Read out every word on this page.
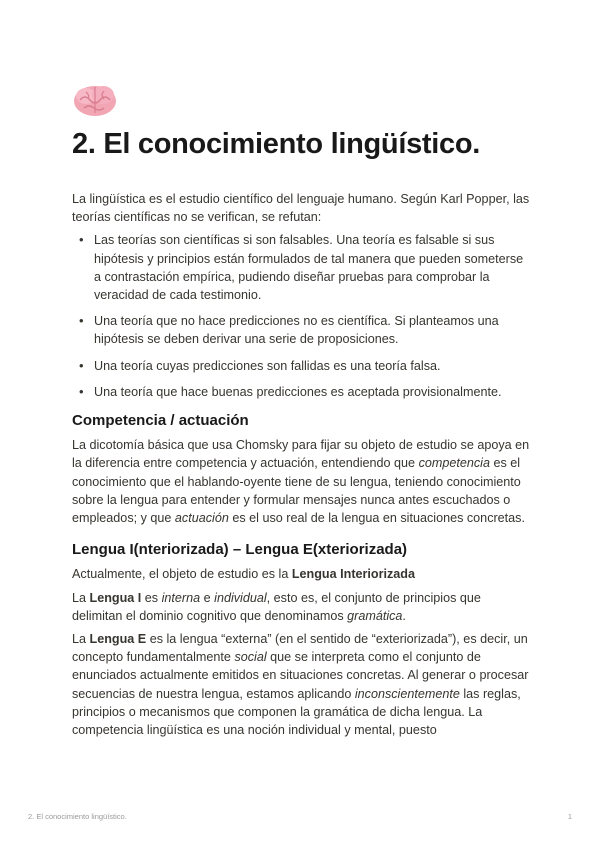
2. El conocimiento lingüístico.

La lingüística es el estudio científico del lenguaje humano. Según Karl Popper, las teorías científicas no se verifican, se refutan:

• Las teorías son científicas si son falsables. Una teoría es falsable si sus hipótesis y principios están formulados de tal manera que pueden someterse a contrastación empírica, pudiendo diseñar pruebas para comprobar la veracidad de cada testimonio.
• Una teoría que no hace predicciones no es científica. Si planteamos una hipótesis se deben derivar una serie de proposiciones.
• Una teoría cuyas predicciones son fallidas es una teoría falsa.
• Una teoría que hace buenas predicciones es aceptada provisionalmente.
Competencia / actuación

La dicotomía básica que usa Chomsky para fijar su objeto de estudio se apoya en la diferencia entre competencia y actuación, entendiendo que competencia es el conocimiento que el hablando-oyente tiene de su lengua, teniendo conocimiento sobre la lengua para entender y formular mensajes nunca antes escuchados o empleados; y que actuación es el uso real de la lengua en situaciones concretas.

Lengua I(nteriorizada) – Lengua E(xteriorizada)

Actualmente, el objeto de estudio es la Lengua Interiorizada

La Lengua I es interna e individual, esto es, el conjunto de principios que delimitan el dominio cognitivo que denominamos gramática.

La Lengua E es la lengua “externa” (en el sentido de “exteriorizada”), es decir, un concepto fundamentalmente social que se interpreta como el conjunto de enunciados actualmente emitidos en situaciones concretas. Al generar o procesar secuencias de nuestra lengua, estamos aplicando inconscientemente las reglas, principios o mecanismos que componen la gramática de dicha lengua. La competencia lingüística es una noción individual y mental, puesto

2. El conocimiento lingüístico.	1
